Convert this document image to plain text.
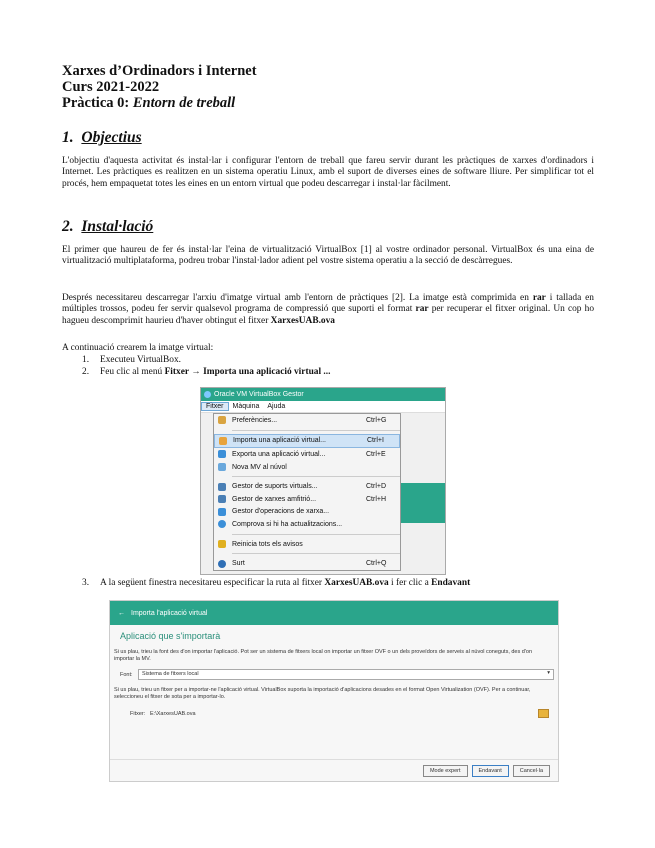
Xarxes d’Ordinadors i Internet
Curs 2021-2022
Pràctica 0: Entorn de treball
1. Objectius
L'objectiu d'aquesta activitat és instal·lar i configurar l'entorn de treball que fareu servir durant les pràctiques de xarxes d'ordinadors i Internet. Les pràctiques es realitzen en un sistema operatiu Linux, amb el suport de diverses eines de software lliure. Per simplificar tot el procés, hem empaquetat totes les eines en un entorn virtual que podeu descarregar i instal·lar fàcilment.
2. Instal·lació
El primer que haureu de fer és instal·lar l'eina de virtualització VirtualBox [1] al vostre ordinador personal. VirtualBox és una eina de virtualització multiplataforma, podreu trobar l'instal·lador adient pel vostre sistema operatiu a la secció de descàrregues.
Després necessitareu descarregar l'arxiu d'imatge virtual amb l'entorn de pràctiques [2]. La imatge està comprimida en rar i tallada en múltiples trossos, podeu fer servir qualsevol programa de compressió que suporti el format rar per recuperar el fitxer original. Un cop ho hagueu descomprimit haurieu d'haver obtingut el fitxer XarxesUAB.ova
A continuació crearem la imatge virtual:
1. Executeu VirtualBox.
2. Feu clic al menú Fitxer → Importa una aplicació virtual ...
Oracle VM VirtualBox Gestor
Fitxer	Màquina	Ajuda
Preferències...	Ctrl+G
Importa una aplicació virtual...	Ctrl+I
Exporta una aplicació virtual...	Ctrl+E
Nova MV al núvol
Gestor de suports virtuals...	Ctrl+D
Gestor de xarxes amfitrió...	Ctrl+H
Gestor d'operacions de xarxa...
Comprova si hi ha actualitzacions...
Reinicia tots els avisos
Surt	Ctrl+Q
3. A la següent finestra necesitareu especificar la ruta al fitxer XarxesUAB.ova i fer clic a Endavant
← Importa l'aplicació virtual
Aplicació que s'importarà
Si us plau, trieu la font des d'on importar l'aplicació. Pot ser un sistema de fitxers local on importar un fitxer OVF o un dels proveïdors de serveis al núvol coneguts, des d'on importar la MV.
Font: Sistema de fitxers local	▾
Si us plau, trieu un fitxer per a importar-ne l'aplicació virtual. VirtualBox suporta la importació d'aplicacions desades en el format Open Virtualization (OVF). Per a continuar, seleccioneu el fitxer de sota per a importar-lo.
Fitxer: E:\XarxesUAB.ova
Mode expert	Endavant	Cancel·la
